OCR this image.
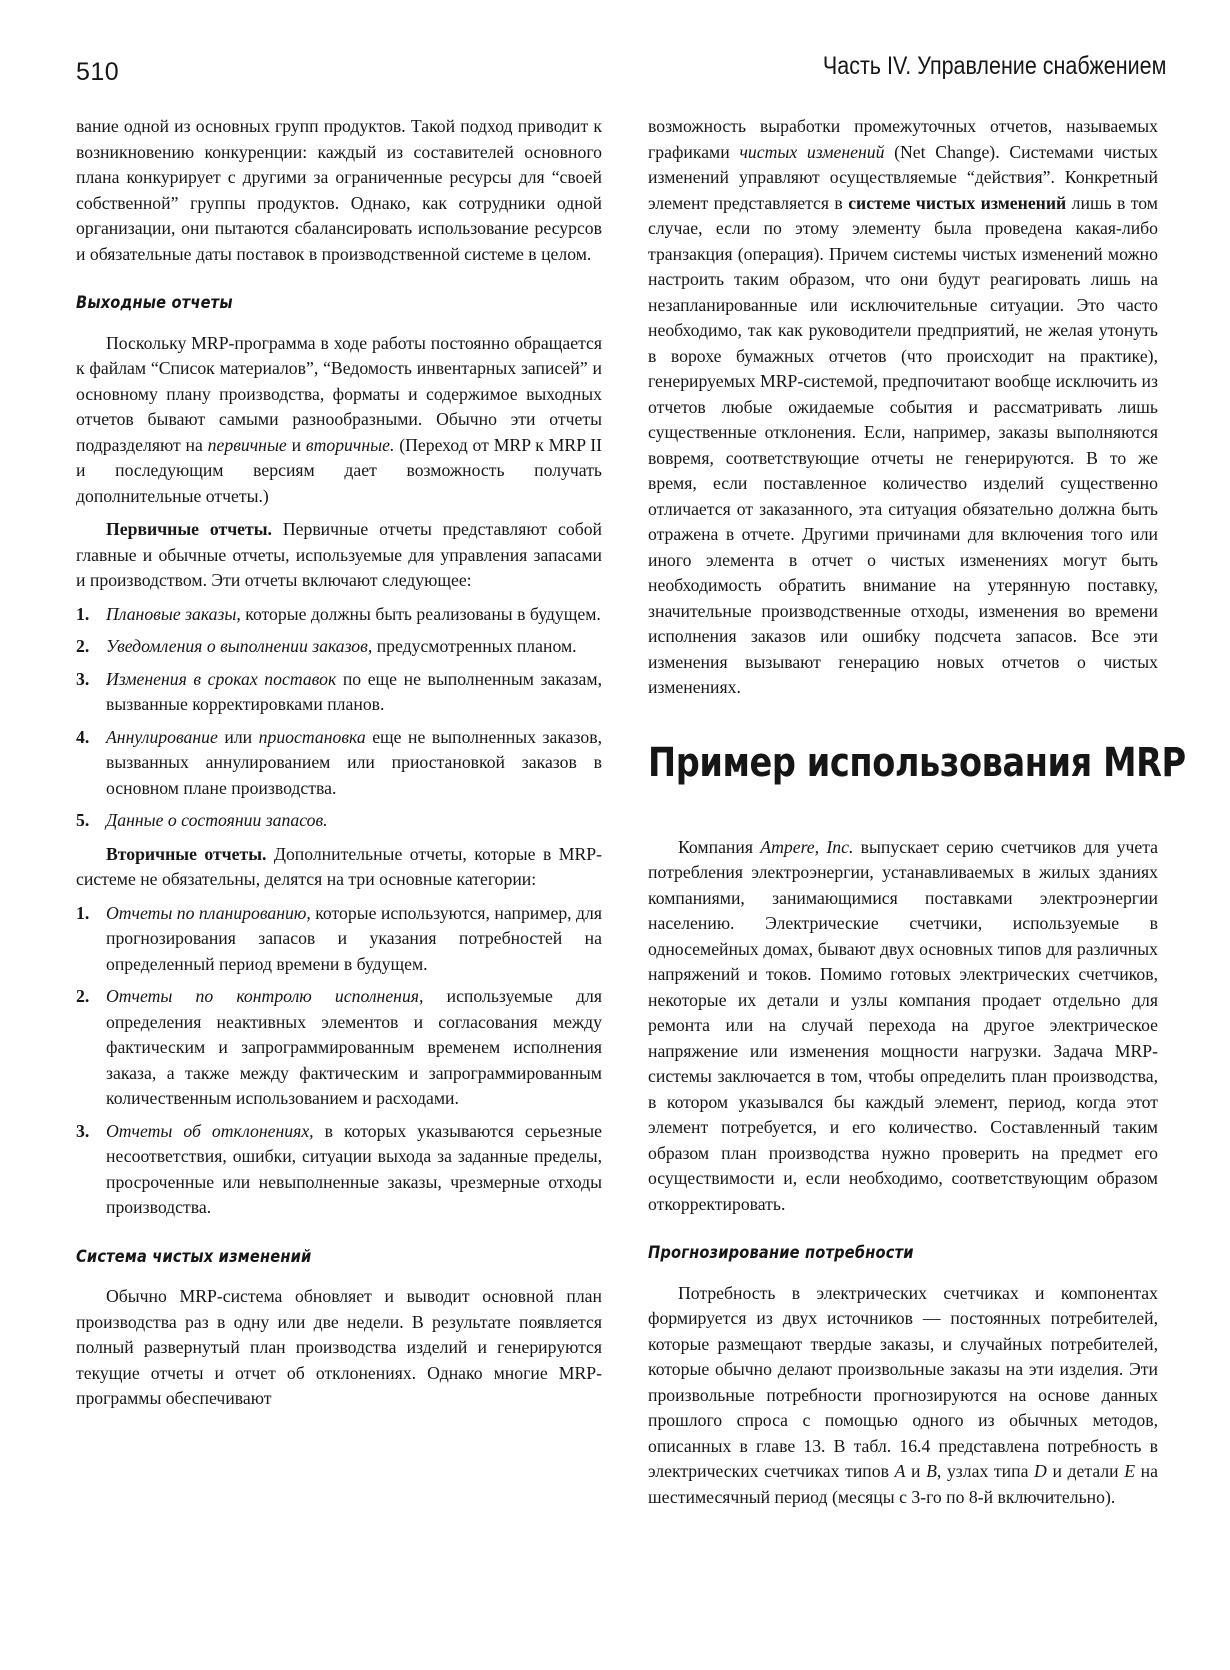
510	Часть IV. Управление снабжением

вание одной из основных групп продуктов. Такой подход приводит к возникновению конкуренции: каждый из составителей основного плана конкурирует с другими за ограниченные ресурсы для “своей собственной” группы продуктов. Однако, как сотрудники одной организации, они пытаются сбалансировать использование ресурсов и обязательные даты поставок в производственной системе в целом.

Выходные отчеты

Поскольку MRP-программа в ходе работы постоянно обращается к файлам “Список материалов”, “Ведомость инвентарных записей” и основному плану производства, форматы и содержимое выходных отчетов бывают самыми разнообразными. Обычно эти отчеты подразделяют на первичные и вторичные. (Переход от MRP к MRP II и последующим версиям дает возможность получать дополнительные отчеты.)

Первичные отчеты. Первичные отчеты представляют собой главные и обычные отчеты, используемые для управления запасами и производством. Эти отчеты включают следующее:

1. Плановые заказы, которые должны быть реализованы в будущем.
2. Уведомления о выполнении заказов, предусмотренных планом.
3. Изменения в сроках поставок по еще не выполненным заказам, вызванные корректировками планов.
4. Аннулирование или приостановка еще не выполненных заказов, вызванных аннулированием или приостановкой заказов в основном плане производства.
5. Данные о состоянии запасов.

Вторичные отчеты. Дополнительные отчеты, которые в MRP-системе не обязательны, делятся на три основные категории:

1. Отчеты по планированию, которые используются, например, для прогнозирования запасов и указания потребностей на определенный период времени в будущем.
2. Отчеты по контролю исполнения, используемые для определения неактивных элементов и согласования между фактическим и запрограммированным временем исполнения заказа, а также между фактическим и запрограммированным количественным использованием и расходами.
3. Отчеты об отклонениях, в которых указываются серьезные несоответствия, ошибки, ситуации выхода за заданные пределы, просроченные или невыполненные заказы, чрезмерные отходы производства.
Система чистых изменений

Обычно MRP-система обновляет и выводит основной план производства раз в одну или две недели. В результате появляется полный развернутый план производства изделий и генерируются текущие отчеты и отчет об отклонениях. Однако многие MRP-программы обеспечивают

возможность выработки промежуточных отчетов, называемых графиками чистых изменений (Net Change). Системами чистых изменений управляют осуществляемые “действия”. Конкретный элемент представляется в системе чистых изменений лишь в том случае, если по этому элементу была проведена какая-либо транзакция (операция). Причем системы чистых изменений можно настроить таким образом, что они будут реагировать лишь на незапланированные или исключительные ситуации. Это часто необходимо, так как руководители предприятий, не желая утонуть в ворохе бумажных отчетов (что происходит на практике), генерируемых MRP-системой, предпочитают вообще исключить из отчетов любые ожидаемые события и рассматривать лишь существенные отклонения. Если, например, заказы выполняются вовремя, соответствующие отчеты не генерируются. В то же время, если поставленное количество изделий существенно отличается от заказанного, эта ситуация обязательно должна быть отражена в отчете. Другими причинами для включения того или иного элемента в отчет о чистых изменениях могут быть необходимость обратить внимание на утерянную поставку, значительные производственные отходы, изменения во времени исполнения заказов или ошибку подсчета запасов. Все эти изменения вызывают генерацию новых отчетов о чистых изменениях.

Пример использования MRP

Компания Ampere, Inc. выпускает серию счетчиков для учета потребления электроэнергии, устанавливаемых в жилых зданиях компаниями, занимающимися поставками электроэнергии населению. Электрические счетчики, используемые в односемейных домах, бывают двух основных типов для различных напряжений и токов. Помимо готовых электрических счетчиков, некоторые их детали и узлы компания продает отдельно для ремонта или на случай перехода на другое электрическое напряжение или изменения мощности нагрузки. Задача MRP-системы заключается в том, чтобы определить план производства, в котором указывался бы каждый элемент, период, когда этот элемент потребуется, и его количество. Составленный таким образом план производства нужно проверить на предмет его осуществимости и, если необходимо, соответствующим образом откорректировать.

Прогнозирование потребности

Потребность в электрических счетчиках и компонентах формируется из двух источников — постоянных потребителей, которые размещают твердые заказы, и случайных потребителей, которые обычно делают произвольные заказы на эти изделия. Эти произвольные потребности прогнозируются на основе данных прошлого спроса с помощью одного из обычных методов, описанных в главе 13. В табл. 16.4 представлена потребность в электрических счетчиках типов A и B, узлах типа D и детали E на шестимесячный период (месяцы с 3-го по 8-й включительно).
